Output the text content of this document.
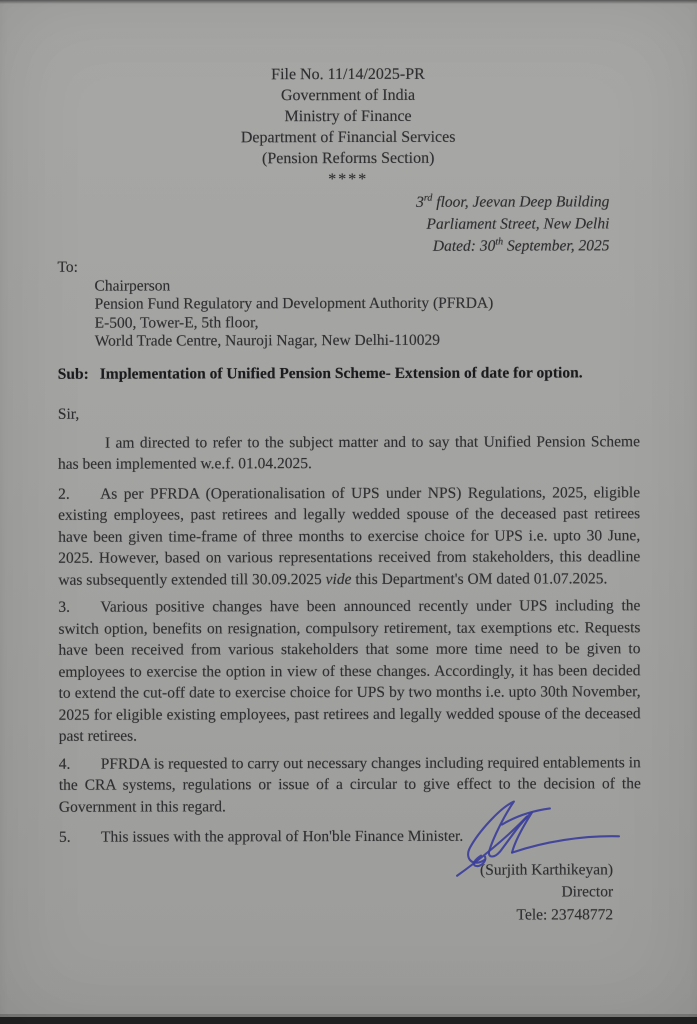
File No. 11/14/2025-PR
Government of India
Ministry of Finance
Department of Financial Services
(Pension Reforms Section)
****
3rd floor, Jeevan Deep Building
Parliament Street, New Delhi
Dated: 30th September, 2025
To:
Chairperson
Pension Fund Regulatory and Development Authority (PFRDA)
E-500, Tower-E, 5th floor,
World Trade Centre, Nauroji Nagar, New Delhi-110029
Sub: Implementation of Unified Pension Scheme- Extension of date for option.
Sir,

I am directed to refer to the subject matter and to say that Unified Pension Scheme has been implemented w.e.f. 01.04.2025.

2. As per PFRDA (Operationalisation of UPS under NPS) Regulations, 2025, eligible existing employees, past retirees and legally wedded spouse of the deceased past retirees have been given time-frame of three months to exercise choice for UPS i.e. upto 30 June, 2025. However, based on various representations received from stakeholders, this deadline was subsequently extended till 30.09.2025 vide this Department's OM dated 01.07.2025.

3. Various positive changes have been announced recently under UPS including the switch option, benefits on resignation, compulsory retirement, tax exemptions etc. Requests have been received from various stakeholders that some more time need to be given to employees to exercise the option in view of these changes. Accordingly, it has been decided to extend the cut-off date to exercise choice for UPS by two months i.e. upto 30th November, 2025 for eligible existing employees, past retirees and legally wedded spouse of the deceased past retirees.

4. PFRDA is requested to carry out necessary changes including required entablements in the CRA systems, regulations or issue of a circular to give effect to the decision of the Government in this regard.

5. This issues with the approval of Hon'ble Finance Minister.

(Surjith Karthikeyan)
Director
Tele: 23748772
